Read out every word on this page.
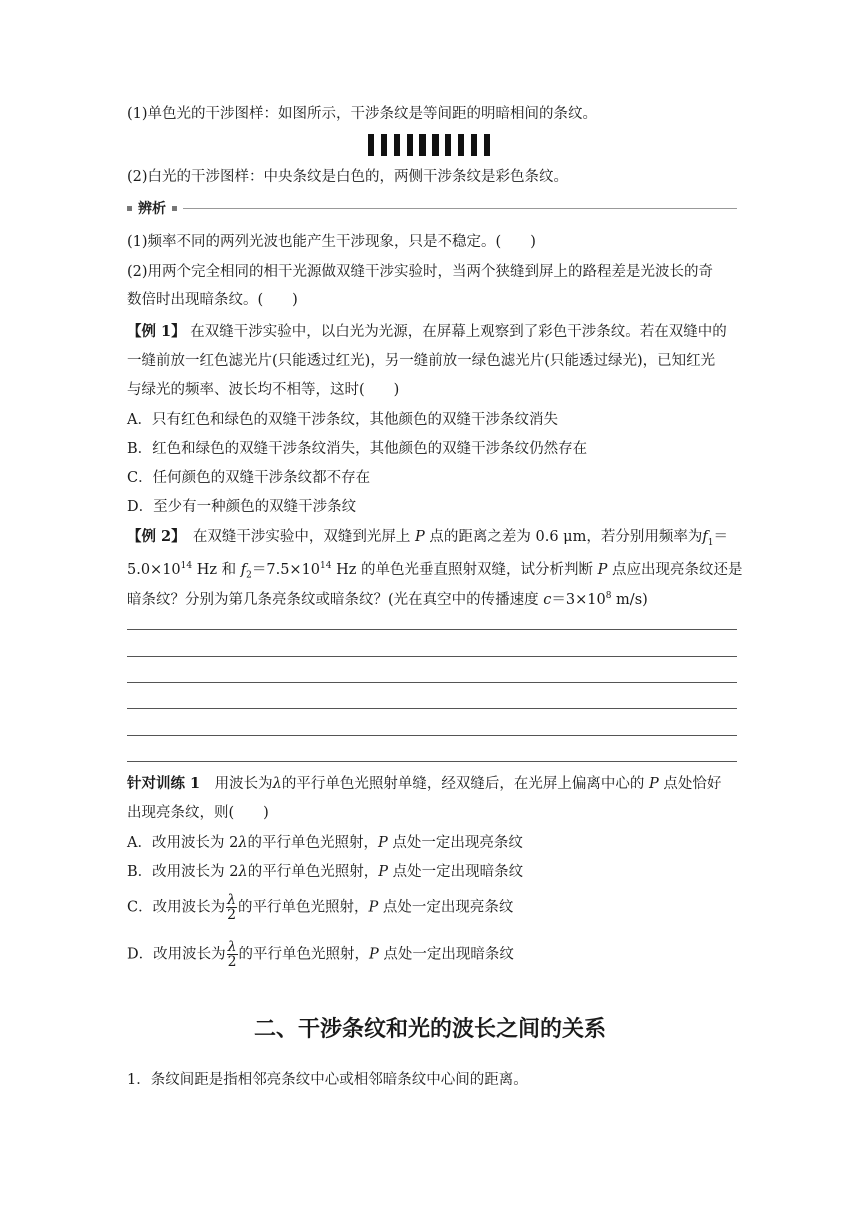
(1)单色光的干涉图样：如图所示，干涉条纹是等间距的明暗相间的条纹。
(2)白光的干涉图样：中央条纹是白色的，两侧干涉条纹是彩色条纹。
辨析
(1)频率不同的两列光波也能产生干涉现象，只是不稳定。(　　)
(2)用两个完全相同的相干光源做双缝干涉实验时，当两个狭缝到屏上的路程差是光波长的奇
数倍时出现暗条纹。(　　)
【例 1】 在双缝干涉实验中，以白光为光源，在屏幕上观察到了彩色干涉条纹。若在双缝中的
一缝前放一红色滤光片(只能透过红光)，另一缝前放一绿色滤光片(只能透过绿光)，已知红光
与绿光的频率、波长均不相等，这时(　　)
A．只有红色和绿色的双缝干涉条纹，其他颜色的双缝干涉条纹消失
B．红色和绿色的双缝干涉条纹消失，其他颜色的双缝干涉条纹仍然存在
C．任何颜色的双缝干涉条纹都不存在
D．至少有一种颜色的双缝干涉条纹
【例 2】　 在双缝干涉实验中，双缝到光屏上 P 点的距离之差为 0.6 μm，若分别用频率为$f_1=$
$5.0\times 10^{14}$ Hz 和 $f_2=7.5\times 10^{14}$ Hz 的单色光垂直照射双缝，试分析判断 P 点应出现亮条纹还是
暗条纹？分别为第几条亮条纹或暗条纹？(光在真空中的传播速度 $c=3\times 10^8$ m/s)
针对训练 1　用波长为λ的平行单色光照射单缝，经双缝后，在光屏上偏离中心的 P 点处恰好
出现亮条纹，则(　　)
A．改用波长为 2λ的平行单色光照射，P 点处一定出现亮条纹
B．改用波长为 2λ的平行单色光照射，P 点处一定出现暗条纹
C．改用波长为 $\frac{\lambda}{2}$ 的平行单色光照射，P 点处一定出现亮条纹
D．改用波长为 $\frac{\lambda}{2}$ 的平行单色光照射，P 点处一定出现暗条纹
二、干涉条纹和光的波长之间的关系
1．条纹间距是指相邻亮条纹中心或相邻暗条纹中心间的距离。
